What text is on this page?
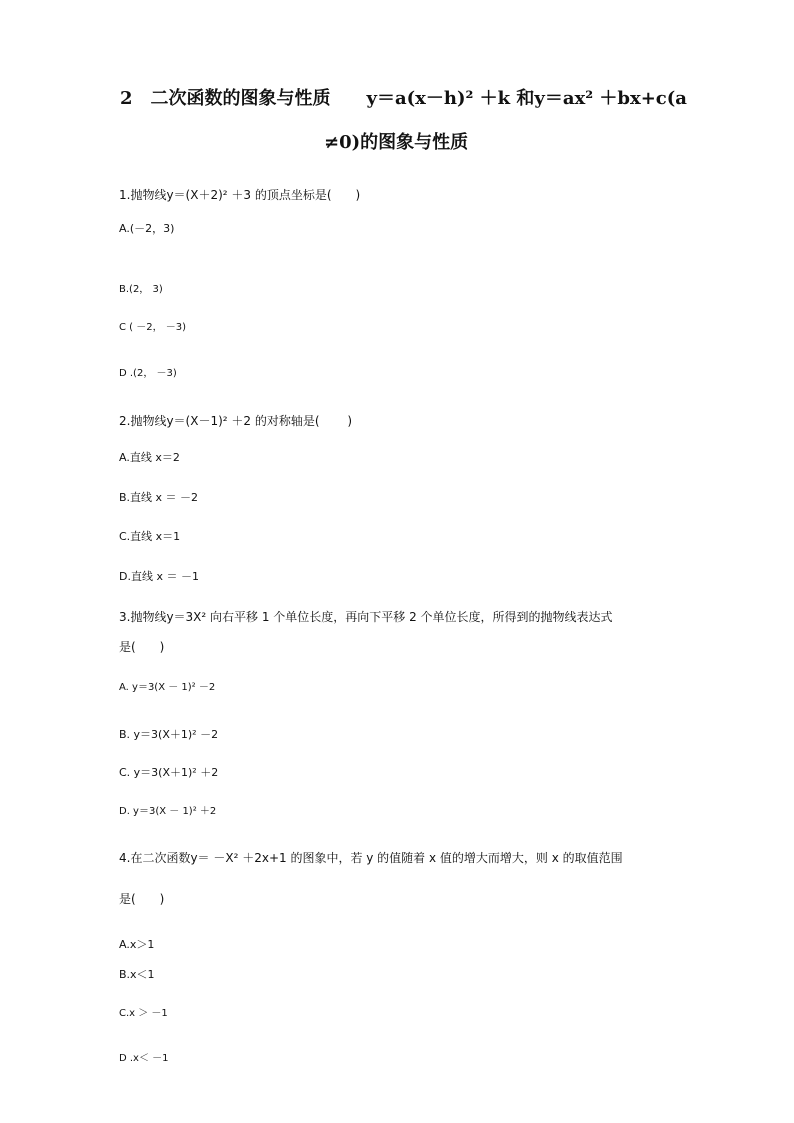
2　二次函数的图象与性质　　y＝a(x－h)² ＋k 和y＝ax² ＋bx+c(a
≠0)的图象与性质
1.抛物线y＝(X＋2)² ＋3 的顶点坐标是(　　)
A.(－2，3)
B.(2， 3)
C ( －2， －3)
D .(2， －3)
2.抛物线y＝(X－1)² ＋2 的对称轴是(　　 )
A.直线 x＝2
B.直线 x ＝ －2
C.直线 x＝1
D.直线 x ＝ －1
3.抛物线y＝3X² 向右平移 1 个单位长度，再向下平移 2 个单位长度，所得到的抛物线表达式
是(　　)
A. y＝3(X － 1)² －2
B. y＝3(X＋1)² －2
C. y＝3(X＋1)² ＋2
D. y＝3(X － 1)² ＋2
4.在二次函数y＝ －X² ＋2x+1 的图象中，若 y 的值随着 x 值的增大而增大，则 x 的取值范围
是(　　)
A.x＞1
B.x＜1
C.x ＞ －1
D .x＜ －1
